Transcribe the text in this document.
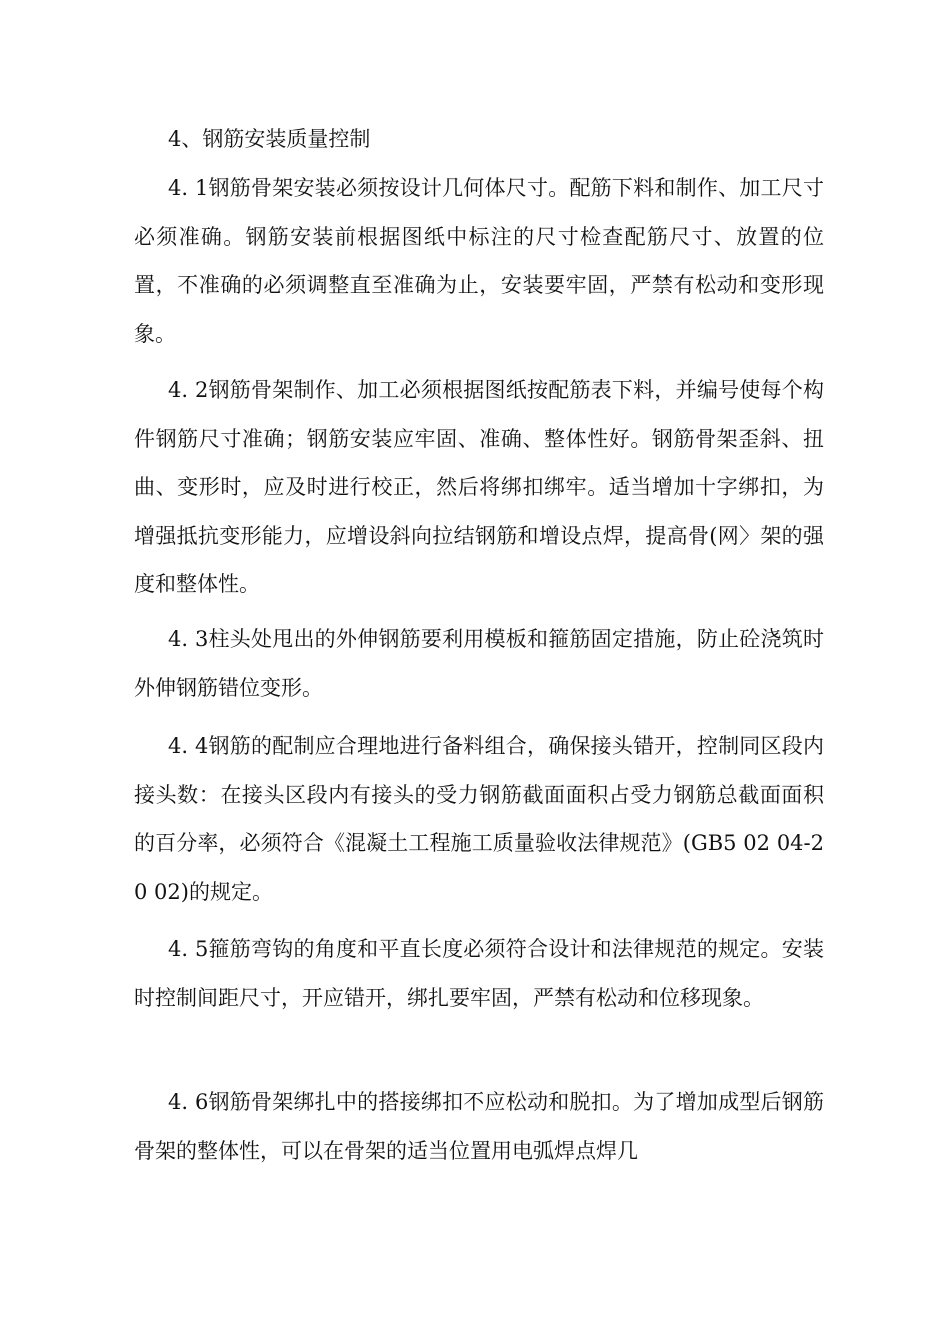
4、钢筋安装质量控制

4. 1钢筋骨架安装必须按设计几何体尺寸。配筋下料和制作、加工尺寸必须准确。钢筋安装前根据图纸中标注的尺寸检查配筋尺寸、放置的位置，不准确的必须调整直至准确为止，安装要牢固，严禁有松动和变形现象。

4. 2钢筋骨架制作、加工必须根据图纸按配筋表下料，并编号使每个构件钢筋尺寸准确；钢筋安装应牢固、准确、整体性好。钢筋骨架歪斜、扭曲、变形时，应及时进行校正，然后将绑扣绑牢。适当增加十字绑扣，为增强抵抗变形能力，应增设斜向拉结钢筋和增设点焊，提高骨(网〉架的强度和整体性。

4. 3柱头处甩出的外伸钢筋要利用模板和箍筋固定措施，防止砼浇筑时外伸钢筋错位变形。

4. 4钢筋的配制应合理地进行备料组合，确保接头错开，控制同区段内接头数：在接头区段内有接头的受力钢筋截面面积占受力钢筋总截面面积的百分率，必须符合《混凝土工程施工质量验收法律规范》(GB5 02 04-2 0 02)的规定。

4. 5箍筋弯钩的角度和平直长度必须符合设计和法律规范的规定。安装时控制间距尺寸，开应错开，绑扎要牢固，严禁有松动和位移现象。

4. 6钢筋骨架绑扎中的搭接绑扣不应松动和脱扣。为了增加成型后钢筋骨架的整体性，可以在骨架的适当位置用电弧焊点焊几
